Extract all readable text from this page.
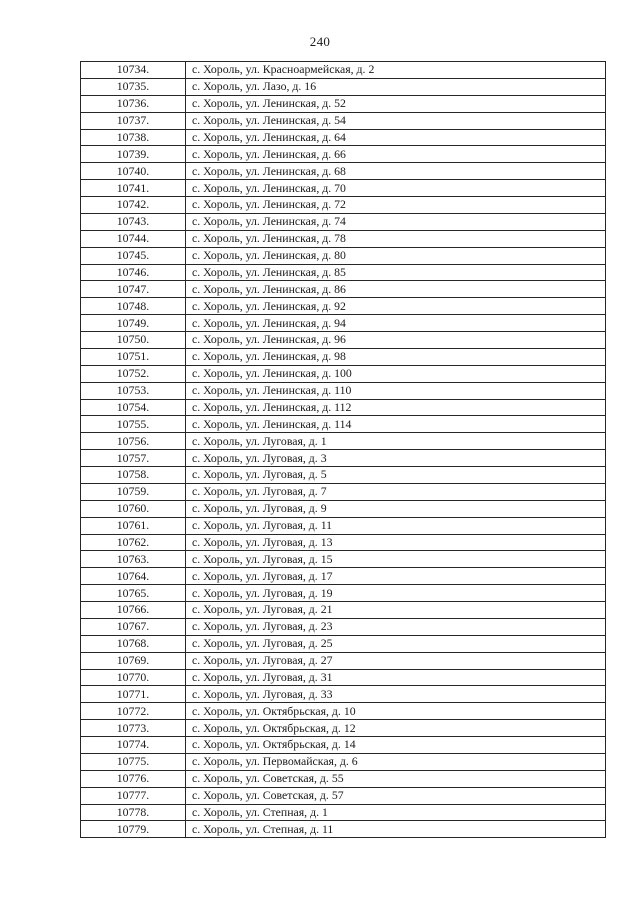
240
10734.	с. Хороль, ул. Красноармейская, д. 2
10735.	с. Хороль, ул. Лазо, д. 16
10736.	с. Хороль, ул. Ленинская, д. 52
10737.	с. Хороль, ул. Ленинская, д. 54
10738.	с. Хороль, ул. Ленинская, д. 64
10739.	с. Хороль, ул. Ленинская, д. 66
10740.	с. Хороль, ул. Ленинская, д. 68
10741.	с. Хороль, ул. Ленинская, д. 70
10742.	с. Хороль, ул. Ленинская, д. 72
10743.	с. Хороль, ул. Ленинская, д. 74
10744.	с. Хороль, ул. Ленинская, д. 78
10745.	с. Хороль, ул. Ленинская, д. 80
10746.	с. Хороль, ул. Ленинская, д. 85
10747.	с. Хороль, ул. Ленинская, д. 86
10748.	с. Хороль, ул. Ленинская, д. 92
10749.	с. Хороль, ул. Ленинская, д. 94
10750.	с. Хороль, ул. Ленинская, д. 96
10751.	с. Хороль, ул. Ленинская, д. 98
10752.	с. Хороль, ул. Ленинская, д. 100
10753.	с. Хороль, ул. Ленинская, д. 110
10754.	с. Хороль, ул. Ленинская, д. 112
10755.	с. Хороль, ул. Ленинская, д. 114
10756.	с. Хороль, ул. Луговая, д. 1
10757.	с. Хороль, ул. Луговая, д. 3
10758.	с. Хороль, ул. Луговая, д. 5
10759.	с. Хороль, ул. Луговая, д. 7
10760.	с. Хороль, ул. Луговая, д. 9
10761.	с. Хороль, ул. Луговая, д. 11
10762.	с. Хороль, ул. Луговая, д. 13
10763.	с. Хороль, ул. Луговая, д. 15
10764.	с. Хороль, ул. Луговая, д. 17
10765.	с. Хороль, ул. Луговая, д. 19
10766.	с. Хороль, ул. Луговая, д. 21
10767.	с. Хороль, ул. Луговая, д. 23
10768.	с. Хороль, ул. Луговая, д. 25
10769.	с. Хороль, ул. Луговая, д. 27
10770.	с. Хороль, ул. Луговая, д. 31
10771.	с. Хороль, ул. Луговая, д. 33
10772.	с. Хороль, ул. Октябрьская, д. 10
10773.	с. Хороль, ул. Октябрьская, д. 12
10774.	с. Хороль, ул. Октябрьская, д. 14
10775.	с. Хороль, ул. Первомайская, д. 6
10776.	с. Хороль, ул. Советская, д. 55
10777.	с. Хороль, ул. Советская, д. 57
10778.	с. Хороль, ул. Степная, д. 1
10779.	с. Хороль, ул. Степная, д. 11
